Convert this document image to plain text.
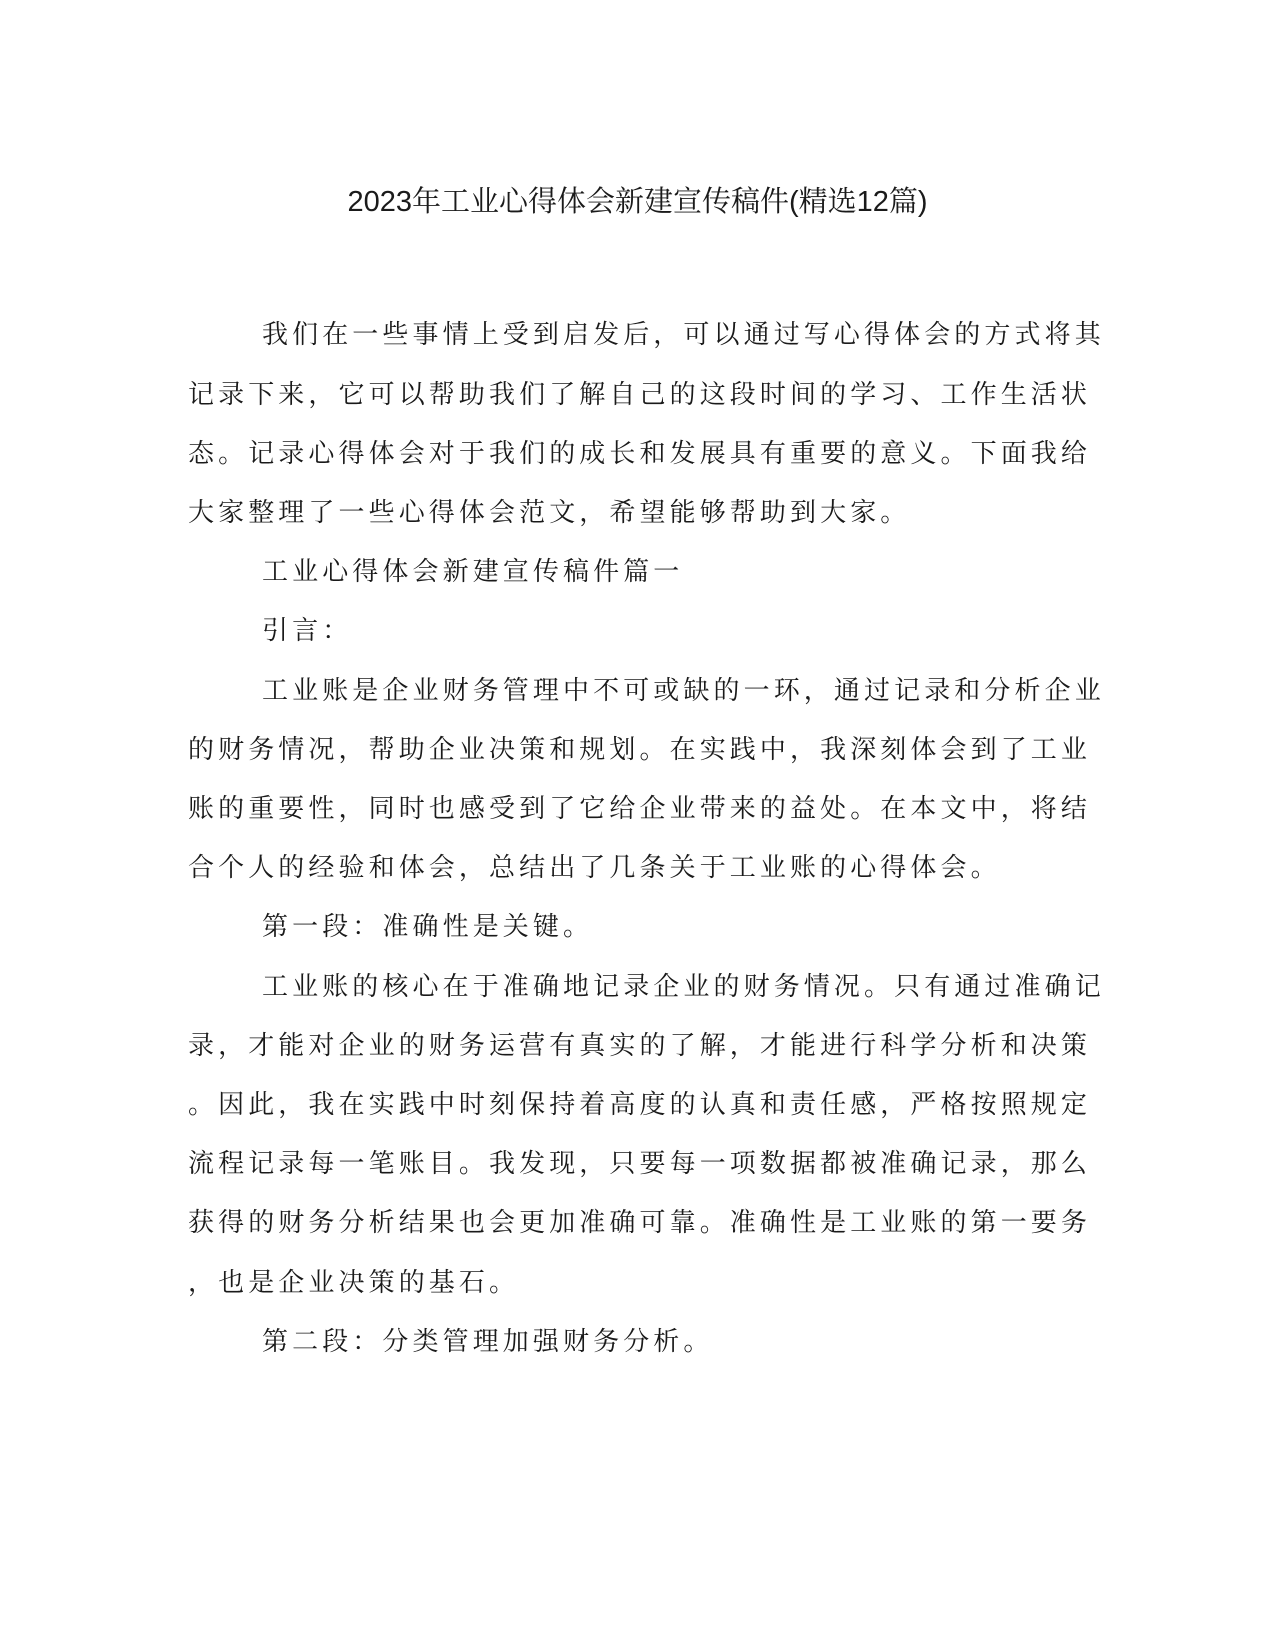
2023年工业心得体会新建宣传稿件(精选12篇)
我们在一些事情上受到启发后，可以通过写心得体会的方式将其
记录下来，它可以帮助我们了解自己的这段时间的学习、工作生活状
态。记录心得体会对于我们的成长和发展具有重要的意义。下面我给
大家整理了一些心得体会范文，希望能够帮助到大家。
工业心得体会新建宣传稿件篇一
引言：
工业账是企业财务管理中不可或缺的一环，通过记录和分析企业
的财务情况，帮助企业决策和规划。在实践中，我深刻体会到了工业
账的重要性，同时也感受到了它给企业带来的益处。在本文中，将结
合个人的经验和体会，总结出了几条关于工业账的心得体会。
第一段：准确性是关键。
工业账的核心在于准确地记录企业的财务情况。只有通过准确记
录，才能对企业的财务运营有真实的了解，才能进行科学分析和决策
。因此，我在实践中时刻保持着高度的认真和责任感，严格按照规定
流程记录每一笔账目。我发现，只要每一项数据都被准确记录，那么
获得的财务分析结果也会更加准确可靠。准确性是工业账的第一要务
，也是企业决策的基石。
第二段：分类管理加强财务分析。
